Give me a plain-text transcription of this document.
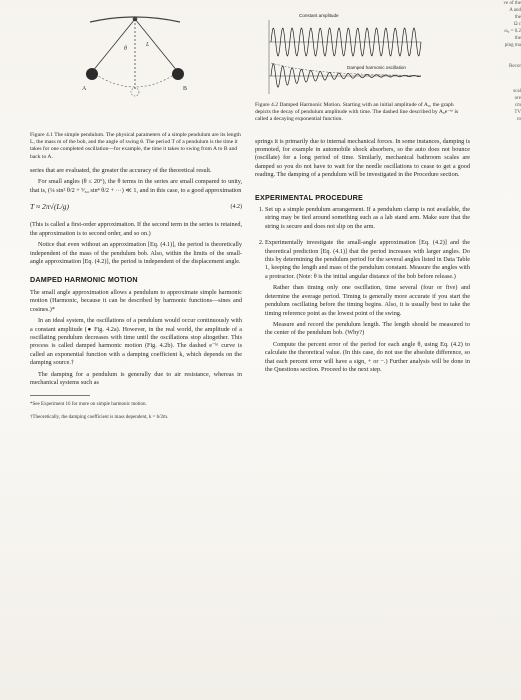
A	B
θ
L
Figure 4.1 The simple pendulum. The physical parameters of a simple pendulum are its length L, the mass m of the bob, and the angle of swing θ. The period T of a pendulum is the time it takes for one completed oscillation—for example, the time it takes to swing from A to B and back to A.

series that are evaluated, the greater the accuracy of the theoretical result.

For small angles (θ ≤ 20°), the θ terms in the series are small compared to unity, that is, (¼ sin² θ/2 + ⁹⁄₆₄ sin⁴ θ/2 + ···) ≪ 1, and in this case, to a good approximation

T ≈ 2π√(L/g)	(4.2)

(This is called a first-order approximation. If the second term in the series is retained, the approximation is to second order, and so on.)

Notice that even without an approximation [Eq. (4.1)], the period is theoretically independent of the mass of the pendulum bob. Also, within the limits of the small-angle approximation [Eq. (4.2)], the period is independent of the displacement angle.

DAMPED HARMONIC MOTION

The small angle approximation allows a pendulum to approximate simple harmonic motion (Harmonic, because it can be described by harmonic functions—sines and cosines.)*

In an ideal system, the oscillations of a pendulum would occur continuously with a constant amplitude (● Fig. 4.2a). However, in the real world, the amplitude of a oscillating pendulum decreases with time until the oscillations stop altogether. This process is called damped harmonic motion (Fig. 4.2b). The dashed e⁻ᵏᵗ curve is called an exponential function with a damping coefficient k, which depends on the damping source.†

The damping for a pendulum is generally due to air resistance, whereas in mechanical systems such as

*See Experiment 16 for more on simple harmonic motion.
†Theoretically, the damping coefficient is mass dependent, k = b/2m.
Constant amplitude
Damped harmonic oscillation
Figure 4.2 Damped Harmonic Motion. Starting with an initial amplitude of A₀, the graph depicts the decay of pendulum amplitude with time. The dashed line described by A₀e⁻ᵏᵗ is called a decaying exponential function.

springs it is primarily due to internal mechanical forces. In some instances, damping is promoted, for example in automobile shock absorbers, so the auto does not bounce (oscillate) for a long period of time. Similarly, mechanical bathroom scales are damped so you do not have to wait for the needle oscillations to cease to get a good reading. The damping of a pendulum will be investigated in the Procedure section.

EXPERIMENTAL PROCEDURE
1. Set up a simple pendulum arrangement. If a pendulum clamp is not available, the string may be tied around something such as a lab stand arm. Make sure that the string is secure and does not slip on the arm.

2. Experimentally investigate the small-angle approximation [Eq. (4.2)] and the theoretical prediction [Eq. (4.1)] that the period increases with larger angles. Do this by determining the pendulum period for the several angles listed in Data Table 1, keeping the length and mass of the pendulum constant. Measure the angles with a protractor. (Note: θ is the initial angular distance of the bob before release.)

Rather than timing only one oscillation, time several (four or five) and determine the average period. Timing is generally more accurate if you start the pendulum oscillating before the timing begins. Also, it is usually best to take the timing reference point as the lowest point of the swing.

Measure and record the pendulum length. The length should be measured to the center of the pendulum bob. (Why?)

Compute the percent error of the period for each angle θ, using Eq. (4.2) to calculate the theoretical value. (In this case, do not use the absolute difference, so that each percent error will have a sign, + or −.) Further analysis will be done in the Questions section. Proceed to the next step.

ve of the
A and
the
Ω c
ω₀ = 0.2
the
ping ma
Recor
scal
ore
cm
TV
ro
